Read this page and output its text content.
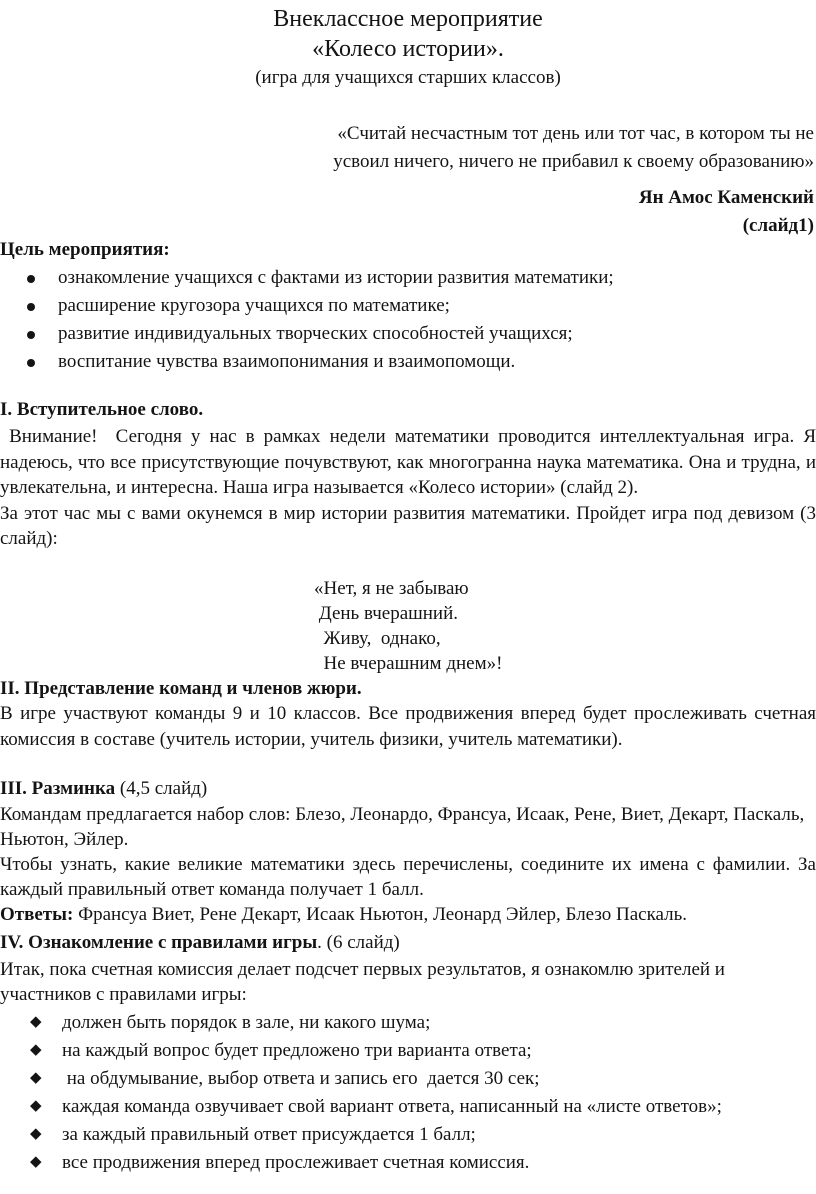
Внеклассное мероприятие
«Колесо истории».
(игра для учащихся старших классов)
«Считай несчастным тот день или тот час, в котором ты не
усвоил ничего, ничего не прибавил к своему образованию»
Ян Амос Каменский
(слайд1)
Цель мероприятия:
ознакомление учащихся с фактами из истории развития математики;
расширение кругозора учащихся по математике;
развитие индивидуальных творческих способностей учащихся;
воспитание чувства взаимопонимания и взаимопомощи.
I. Вступительное слово.

Внимание!  Сегодня у нас в рамках недели математики проводится интеллектуальная игра. Я надеюсь, что все присутствующие почувствуют, как многогранна наука математика. Она и трудна, и увлекательна, и интересна. Наша игра называется «Колесо истории» (слайд 2).

За этот час мы с вами окунемся в мир истории развития математики. Пройдет игра под девизом (3 слайд):

«Нет, я не забываю
День вчерашний.
Живу,  однако,
Не вчерашним днем»!
II. Представление команд и членов жюри.

В игре участвуют команды 9 и 10 классов. Все продвижения вперед будет прослеживать счетная комиссия в составе (учитель истории, учитель физики, учитель математики).

III. Разминка (4,5 слайд)

Командам предлагается набор слов: Блезо, Леонардо, Франсуа, Исаак, Рене, Виет, Декарт, Паскаль, Ньютон, Эйлер.

Чтобы узнать, какие великие математики здесь перечислены, соедините их имена с фамилии. За каждый правильный ответ команда получает 1 балл.

Ответы: Франсуа Виет, Рене Декарт, Исаак Ньютон, Леонард Эйлер, Блезо Паскаль.

IV. Ознакомление с правилами игры. (6 слайд)

Итак, пока счетная комиссия делает подсчет первых результатов, я ознакомлю зрителей и участников с правилами игры:

◆ должен быть порядок в зале, ни какого шума;
◆ на каждый вопрос будет предложено три варианта ответа;
◆ на обдумывание, выбор ответа и запись его  дается 30 сек;
◆ каждая команда озвучивает свой вариант ответа, написанный на «листе ответов»;
◆ за каждый правильный ответ присуждается 1 балл;
◆ все продвижения вперед прослеживает счетная комиссия.
